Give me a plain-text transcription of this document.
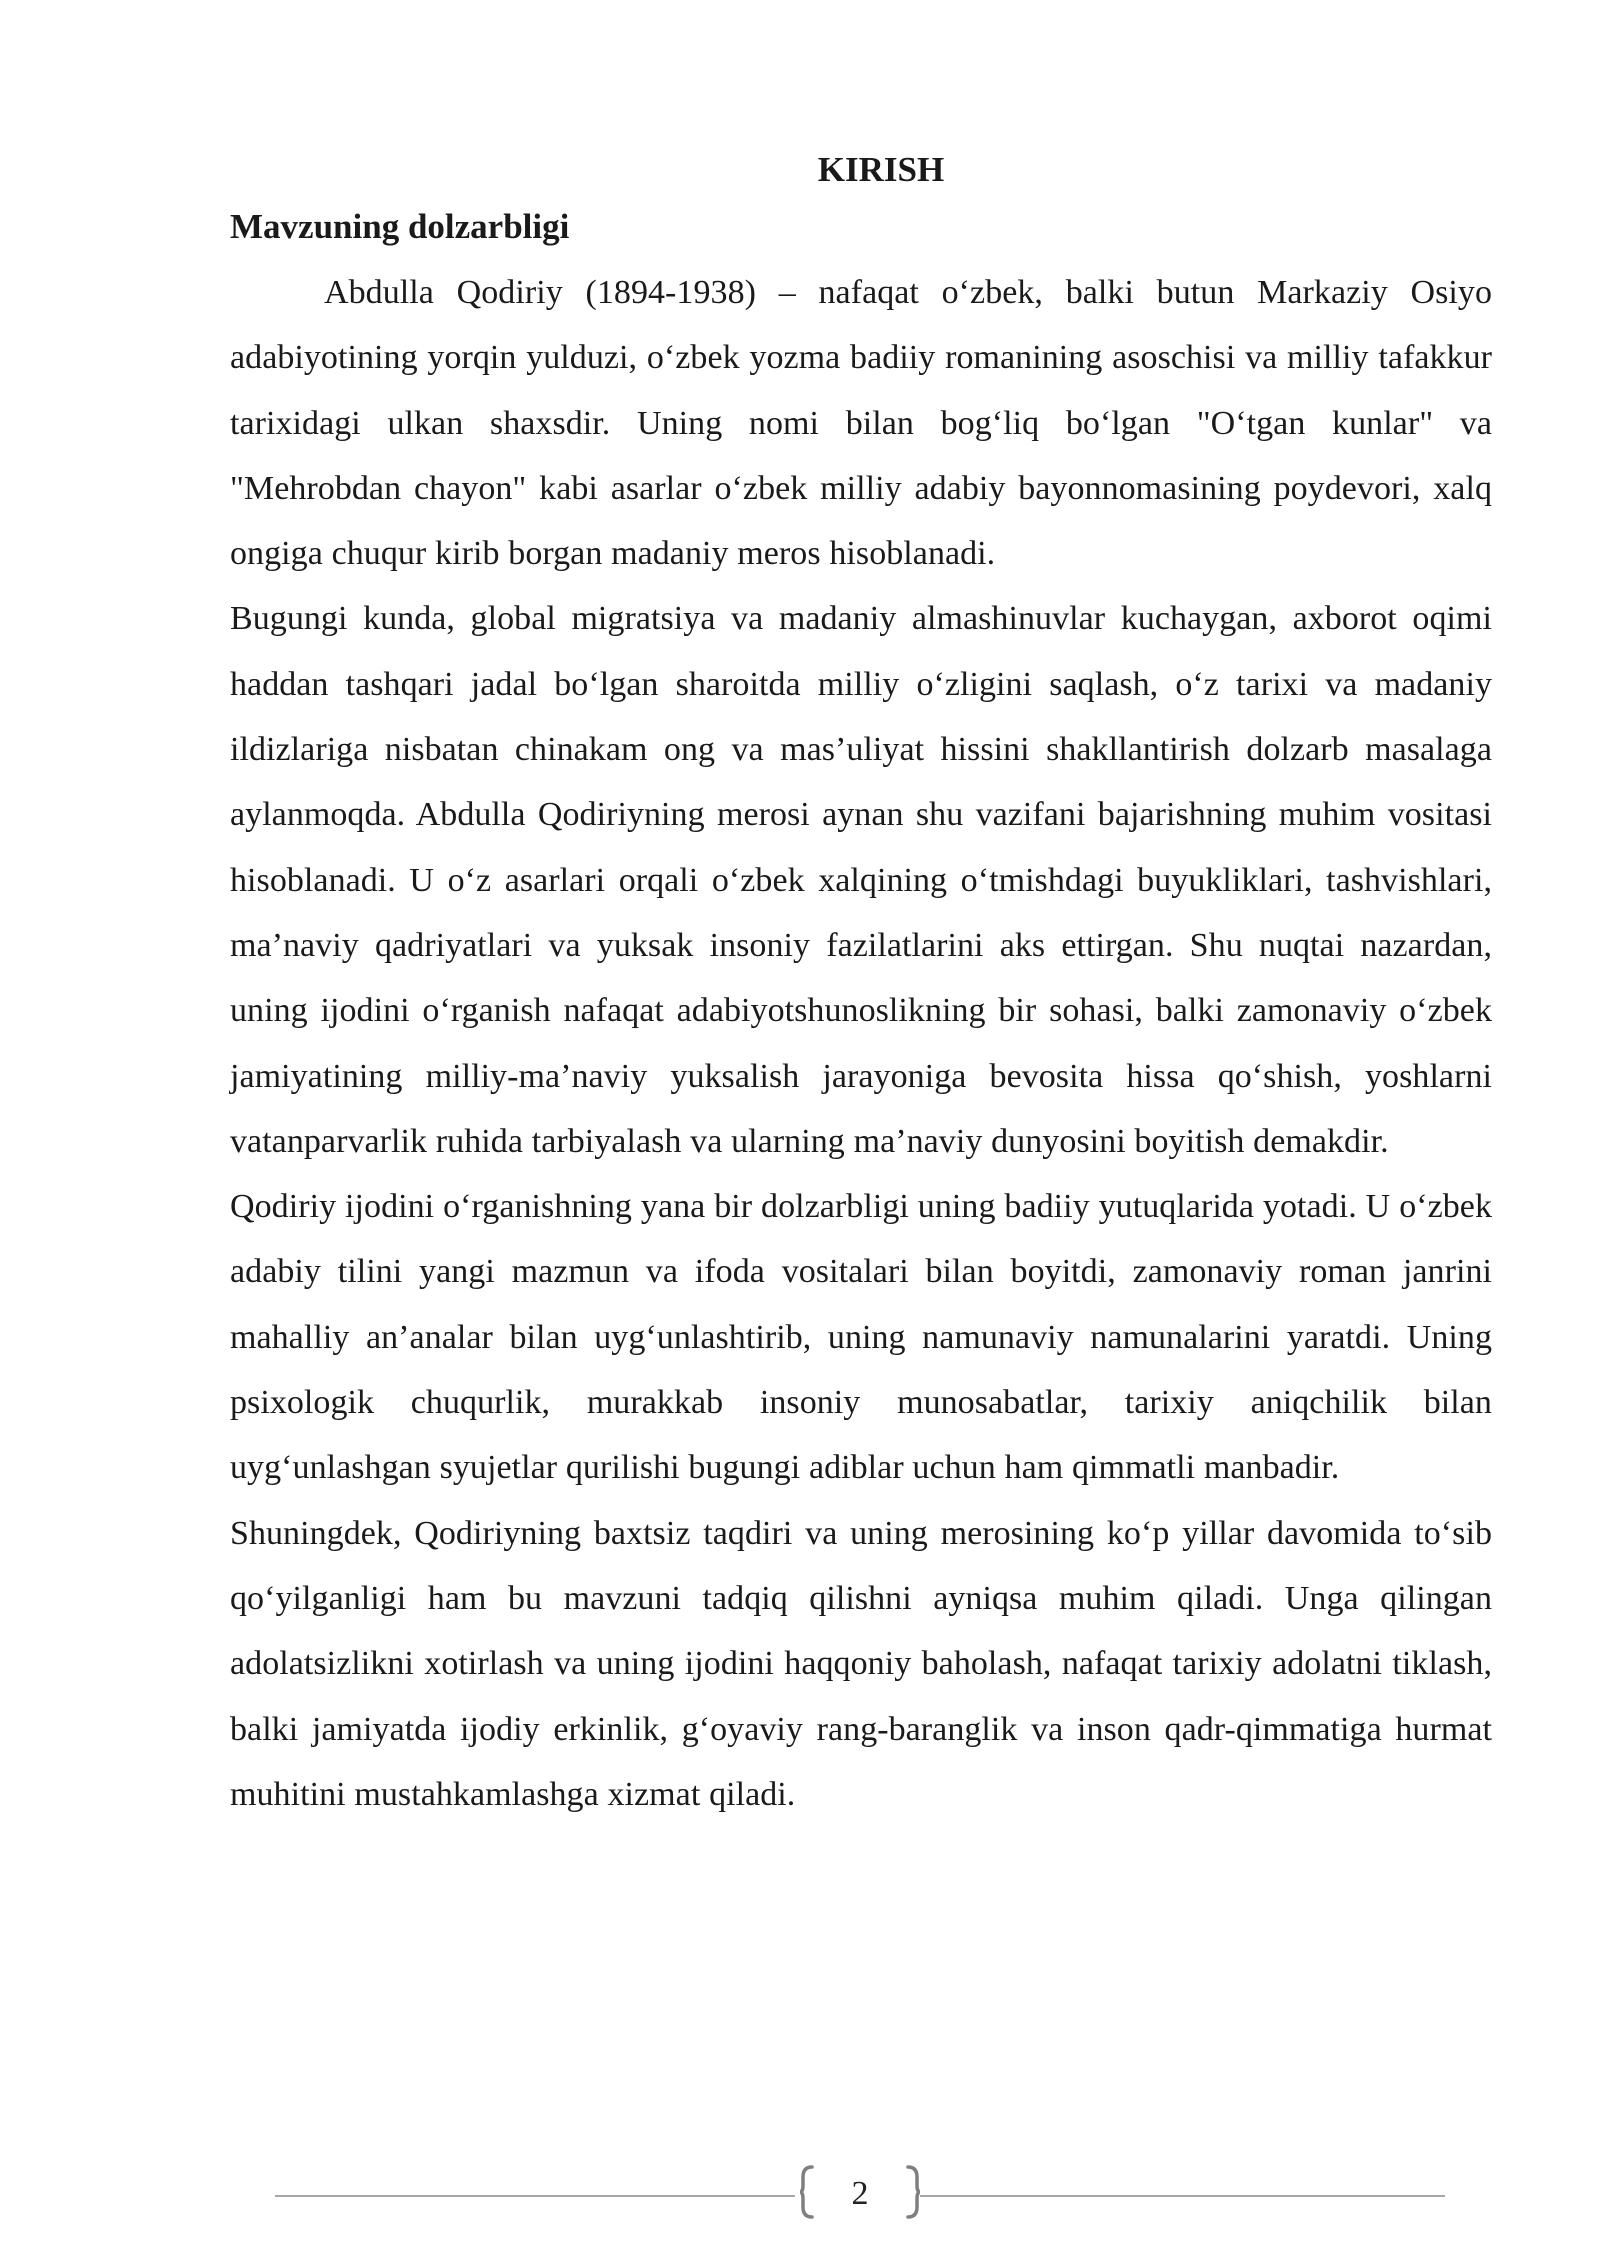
KIRISH
Mavzuning dolzarbligi

Abdulla Qodiriy (1894-1938) – nafaqat o‘zbek, balki butun Markaziy Osiyo adabiyotining yorqin yulduzi, o‘zbek yozma badiiy romanining asoschisi va milliy tafakkur tarixidagi ulkan shaxsdir. Uning nomi bilan bog‘liq bo‘lgan "O‘tgan kunlar" va "Mehrobdan chayon" kabi asarlar o‘zbek milliy adabiy bayonnomasining poydevori, xalq ongiga chuqur kirib borgan madaniy meros hisoblanadi.

Bugungi kunda, global migratsiya va madaniy almashinuvlar kuchaygan, axborot oqimi haddan tashqari jadal bo‘lgan sharoitda milliy o‘zligini saqlash, o‘z tarixi va madaniy ildizlariga nisbatan chinakam ong va mas’uliyat hissini shakllantirish dolzarb masalaga aylanmoqda. Abdulla Qodiriyning merosi aynan shu vazifani bajarishning muhim vositasi hisoblanadi. U o‘z asarlari orqali o‘zbek xalqining o‘tmishdagi buyukliklari, tashvishlari, ma’naviy qadriyatlari va yuksak insoniy fazilatlarini aks ettirgan. Shu nuqtai nazardan, uning ijodini o‘rganish nafaqat adabiyotshunoslikning bir sohasi, balki zamonaviy o‘zbek jamiyatining milliy-ma’naviy yuksalish jarayoniga bevosita hissa qo‘shish, yoshlarni vatanparvarlik ruhida tarbiyalash va ularning ma’naviy dunyosini boyitish demakdir.

Qodiriy ijodini o‘rganishning yana bir dolzarbligi uning badiiy yutuqlarida yotadi. U o‘zbek adabiy tilini yangi mazmun va ifoda vositalari bilan boyitdi, zamonaviy roman janrini mahalliy an’analar bilan uyg‘unlashtirib, uning namunaviy namunalarini yaratdi. Uning psixologik chuqurlik, murakkab insoniy munosabatlar, tarixiy aniqchilik bilan uyg‘unlashgan syujetlar qurilishi bugungi adiblar uchun ham qimmatli manbadir.

Shuningdek, Qodiriyning baxtsiz taqdiri va uning merosining ko‘p yillar davomida to‘sib qo‘yilganligi ham bu mavzuni tadqiq qilishni ayniqsa muhim qiladi. Unga qilingan adolatsizlikni xotirlash va uning ijodini haqqoniy baholash, nafaqat tarixiy adolatni tiklash, balki jamiyatda ijodiy erkinlik, g‘oyaviy rang-baranglik va inson qadr-qimmatiga hurmat muhitini mustahkamlashga xizmat qiladi.

2
